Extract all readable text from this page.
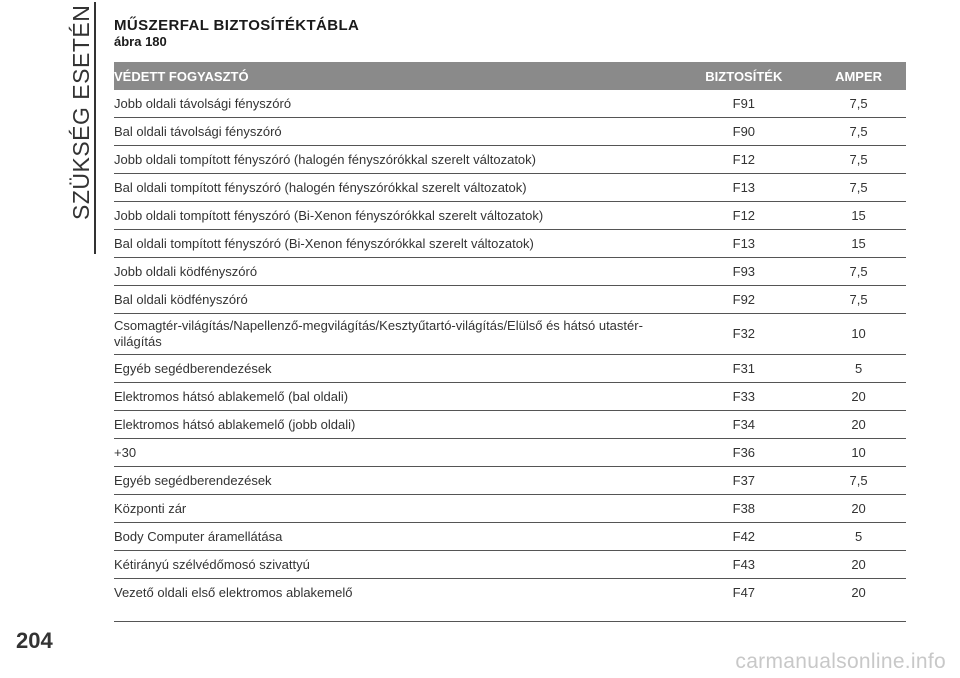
SZÜKSÉG ESETÉN
204
MŰSZERFAL BIZTOSÍTÉKTÁBLA
ábra 180
VÉDETT FOGYASZTÓ	BIZTOSÍTÉK	AMPER
Jobb oldali távolsági fényszóró	F91	7,5
Bal oldali távolsági fényszóró	F90	7,5
Jobb oldali tompított fényszóró (halogén fényszórókkal szerelt változatok)	F12	7,5
Bal oldali tompított fényszóró (halogén fényszórókkal szerelt változatok)	F13	7,5
Jobb oldali tompított fényszóró (Bi-Xenon fényszórókkal szerelt változatok)	F12	15
Bal oldali tompított fényszóró (Bi-Xenon fényszórókkal szerelt változatok)	F13	15
Jobb oldali ködfényszóró	F93	7,5
Bal oldali ködfényszóró	F92	7,5
Csomagtér-világítás/Napellenző-megvilágítás/Kesztyűtartó-világítás/Elülső és hátsó utastér-világítás	F32	10
Egyéb segédberendezések	F31	5
Elektromos hátsó ablakemelő (bal oldali)	F33	20
Elektromos hátsó ablakemelő (jobb oldali)	F34	20
+30	F36	10
Egyéb segédberendezések	F37	7,5
Központi zár	F38	20
Body Computer áramellátása	F42	5
Kétirányú szélvédőmosó szivattyú	F43	20
Vezető oldali első elektromos ablakemelő	F47	20
carmanualsonline.info
